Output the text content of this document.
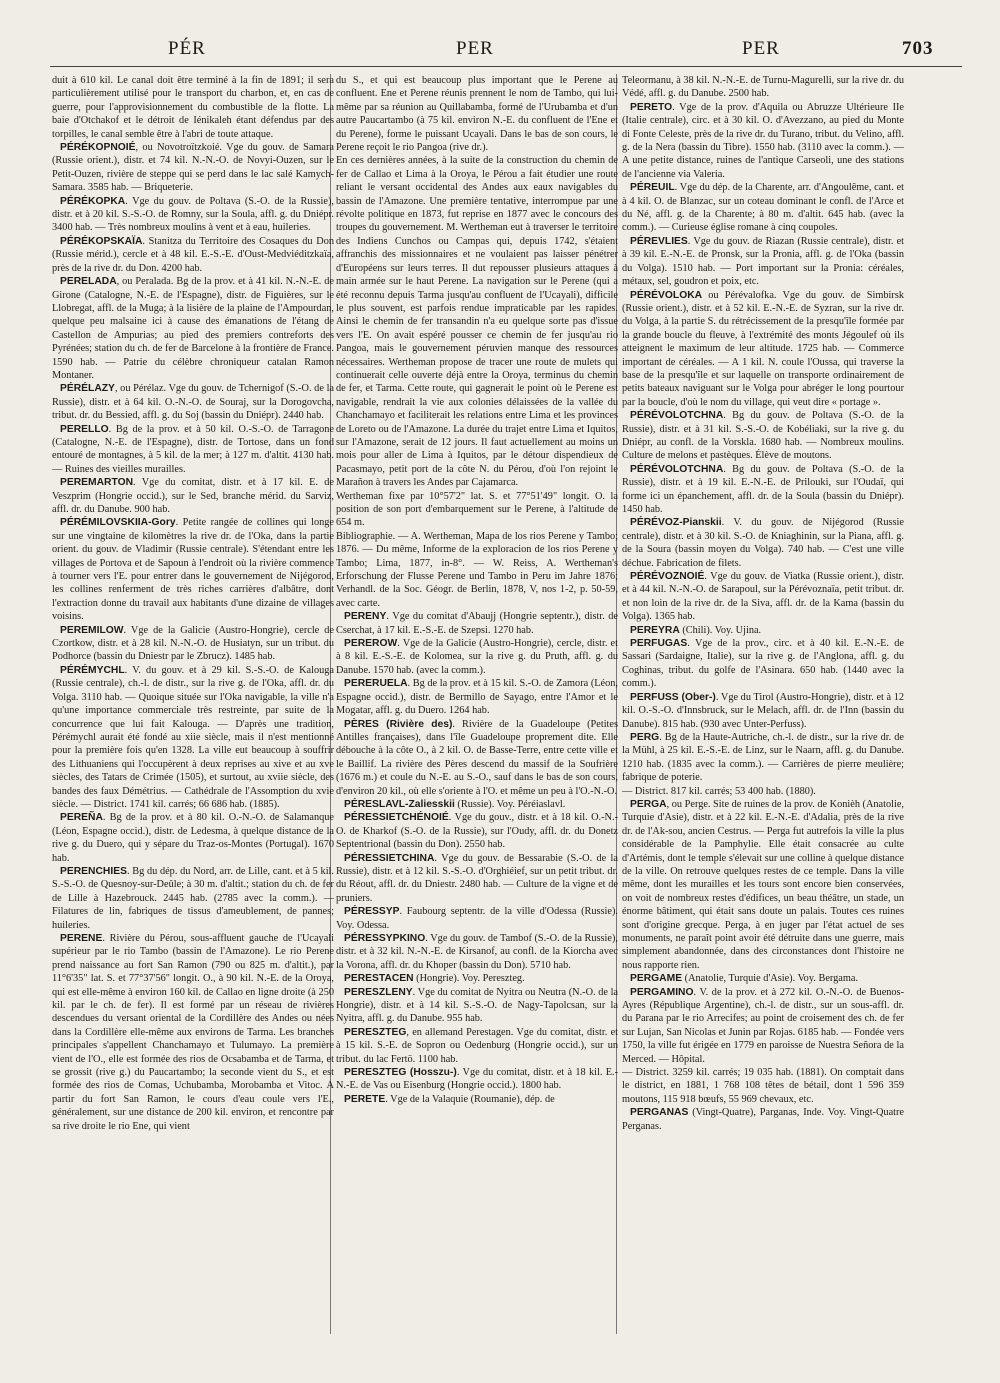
PÉR	PER	PER	703

duit à 610 kil. Le canal doit être terminé à la fin de 1891; il sera particulièrement utilisé pour le transport du charbon, et, en cas de guerre, pour l'approvisionnement du combustible de la flotte. La baie d'Otchakof et le détroit de Iénikaleh étant défendus par des torpilles, le canal semble être à l'abri de toute attaque.

PÉRÉKOPNOIÉ, ou Novotroïtzkoié. Vge du gouv. de Samara (Russie orient.), distr. et 74 kil. N.-N.-O. de Novyi-Ouzen, sur le Petit-Ouzen, rivière de steppe qui se perd dans le lac salé Kamych-Samara. 3585 hab. — Briqueterie.

PÉRÉKOPKA. Vge du gouv. de Poltava (S.-O. de la Russie), distr. et à 20 kil. S.-S.-O. de Romny, sur la Soula, affl. g. du Dniépr. 3400 hab. — Très nombreux moulins à vent et à eau, huileries.

PÉRÉKOPSKAÏA. Stanitza du Territoire des Cosaques du Don (Russie mérid.), cercle et à 48 kil. E.-S.-E. d'Oust-Medviéditzkaïa, près de la rive dr. du Don. 4200 hab.

PERELADA, ou Peralada. Bg de la prov. et à 41 kil. N.-N.-E. de Girone (Catalogne, N.-E. de l'Espagne), distr. de Figuières, sur le Llobregat, affl. de la Muga; à la lisière de la plaine de l'Ampourdan, quelque peu malsaine ici à cause des émanations de l'étang de Castellon de Ampurias; au pied des premiers contreforts des Pyrénées; station du ch. de fer de Barcelone à la frontière de France. 1590 hab. — Patrie du célèbre chroniqueur catalan Ramon Montaner.

PÉRÉLAZY, ou Pérélaz. Vge du gouv. de Tchernigof (S.-O. de la Russie), distr. et à 64 kil. O.-N.-O. de Souraj, sur la Dorogovcha, tribut. dr. du Bessied, affl. g. du Soj (bassin du Dniépr). 2440 hab.

PERELLO. Bg de la prov. et à 50 kil. O.-S.-O. de Tarragone (Catalogne, N.-E. de l'Espagne), distr. de Tortose, dans un fond entouré de montagnes, à 5 kil. de la mer; à 127 m. d'altit. 4130 hab. — Ruines des vieilles murailles.

PEREMARTON. Vge du comitat, distr. et à 17 kil. E. de Veszprim (Hongrie occid.), sur le Sed, branche mérid. du Sarviz, affl. dr. du Danube. 900 hab.

PÉRÉMILOVSKIIA-Gory. Petite rangée de collines qui longe sur une vingtaine de kilomètres la rive dr. de l'Oka, dans la partie orient. du gouv. de Vladimir (Russie centrale). S'étendant entre les villages de Portova et de Sapoun à l'endroit où la rivière commence à tourner vers l'E. pour entrer dans le gouvernement de Nijégorod, les collines renferment de très riches carrières d'albâtre, dont l'extraction donne du travail aux habitants d'une dizaine de villages voisins.

PEREMILOW. Vge de la Galicie (Austro-Hongrie), cercle de Czortkow, distr. et à 28 kil. N.-N.-O. de Husiatyn, sur un tribut. du Podhorce (bassin du Dniestr par le Zbrucz). 1485 hab.

PÉRÉMYCHL. V. du gouv. et à 29 kil. S.-S.-O. de Kalouga (Russie centrale), ch.-l. de distr., sur la rive g. de l'Oka, affl. dr. du Volga. 3110 hab. — Quoique située sur l'Oka navigable, la ville n'a qu'une importance commerciale très restreinte, par suite de la concurrence que lui fait Kalouga. — D'après une tradition, Pérémychl aurait été fondé au xiie siècle, mais il n'est mentionné pour la première fois qu'en 1328. La ville eut beaucoup à souffrir des Lithuaniens qui l'occupèrent à deux reprises au xive et au xve siècles, des Tatars de Crimée (1505), et surtout, au xviie siècle, des bandes des faux Démétrius. — Cathédrale de l'Assomption du xvie siècle. — District. 1741 kil. carrés; 66 686 hab. (1885).

PEREÑA. Bg de la prov. et à 80 kil. O.-N.-O. de Salamanque (Léon, Espagne occid.), distr. de Ledesma, à quelque distance de la rive g. du Duero, qui y sépare du Traz-os-Montes (Portugal). 1670 hab.

PERENCHIES. Bg du dép. du Nord, arr. de Lille, cant. et à 5 kil. S.-S.-O. de Quesnoy-sur-Deûle; à 30 m. d'altit.; station du ch. de fer de Lille à Hazebrouck. 2445 hab. (2785 avec la comm.). — Filatures de lin, fabriques de tissus d'ameublement, de pannes; huileries.

PERENE. Rivière du Pérou, sous-affluent gauche de l'Ucayali supérieur par le rio Tambo (bassin de l'Amazone). Le rio Perene prend naissance au fort San Ramon (790 ou 825 m. d'altit.), par 11°6'35" lat. S. et 77°37'56" longit. O., à 90 kil. N.-E. de la Oroya, qui est elle-même à environ 160 kil. de Callao en ligne droite (à 250 kil. par le ch. de fer). Il est formé par un réseau de rivières descendues du versant oriental de la Cordillère des Andes ou nées dans la Cordillère elle-même aux environs de Tarma. Les branches principales s'appellent Chanchamayo et Tulumayo. La première vient de l'O., elle est formée des rios de Ocsabamba et de Tarma, et se grossit (rive g.) du Paucartambo; la seconde vient du S., et est formée des rios de Comas, Uchubamba, Morobamba et Vitoc. A partir du fort San Ramon, le cours d'eau coule vers l'E., généralement, sur une distance de 200 kil. environ, et rencontre par sa rive droite le rio Ene, qui vient

du S., et qui est beaucoup plus important que le Perene au confluent. Ene et Perene réunis prennent le nom de Tambo, qui lui-même par sa réunion au Quillabamba, formé de l'Urubamba et d'un autre Paucartambo (à 75 kil. environ N.-E. du confluent de l'Ene et du Perene), forme le puissant Ucayali. Dans le bas de son cours, le Perene reçoit le rio Pangoa (rive dr.).

En ces dernières années, à la suite de la construction du chemin de fer de Callao et Lima à la Oroya, le Pérou a fait étudier une route reliant le versant occidental des Andes aux eaux navigables du bassin de l'Amazone. Une première tentative, interrompue par une révolte politique en 1873, fut reprise en 1877 avec le concours des troupes du gouvernement. M. Wertheman eut à traverser le territoire des Indiens Cunchos ou Campas qui, depuis 1742, s'étaient affranchis des missionnaires et ne voulaient pas laisser pénétrer d'Européens sur leurs terres. Il dut repousser plusieurs attaques à main armée sur le haut Perene. La navigation sur le Perene (qui a été reconnu depuis Tarma jusqu'au confluent de l'Ucayali), difficile le plus souvent, est parfois rendue impraticable par les rapides. Ainsi le chemin de fer transandin n'a eu quelque sorte pas d'issue vers l'E. On avait espéré pousser ce chemin de fer jusqu'au rio Pangoa, mais le gouvernement péruvien manque des ressources nécessaires. Wertheman propose de tracer une route de mulets qui continuerait celle ouverte déjà entre la Oroya, terminus du chemin de fer, et Tarma. Cette route, qui gagnerait le point où le Perene est navigable, rendrait la vie aux colonies délaissées de la vallée du Chanchamayo et faciliterait les relations entre Lima et les provinces de Loreto ou de l'Amazone. La durée du trajet entre Lima et Iquitos, sur l'Amazone, serait de 12 jours. Il faut actuellement au moins un mois pour aller de Lima à Iquitos, par le détour dispendieux de Pacasmayo, petit port de la côte N. du Pérou, d'où l'on rejoint le Marañon à travers les Andes par Cajamarca.

Wertheman fixe par 10°57'2" lat. S. et 77°51'49" longit. O. la position de son port d'embarquement sur le Perene, à l'altitude de 654 m.

Bibliographie. — A. Wertheman, Mapa de los rios Perene y Tambo; 1876. — Du même, Informe de la exploracion de los rios Perene y Tambo; Lima, 1877, in-8°. — W. Reiss, A. Wertheman's Erforschung der Flusse Perene und Tambo in Peru im Jahre 1876; Verhandl. de la Soc. Géogr. de Berlin, 1878, V, nos 1-2, p. 50-59, avec carte.

PERENY. Vge du comitat d'Abaujj (Hongrie septentr.), distr. de Cserchat, à 17 kil. E.-S.-E. de Szepsi. 1270 hab.

PEREROW. Vge de la Galicie (Austro-Hongrie), cercle, distr. et à 8 kil. E.-S.-E. de Kolomea, sur la rive g. du Pruth, affl. g. du Danube. 1570 hab. (avec la comm.).

PERERUELA. Bg de la prov. et à 15 kil. S.-O. de Zamora (Léon, Espagne occid.), distr. de Bermillo de Sayago, entre l'Amor et le Mogatar, affl. g. du Duero. 1264 hab.

PÈRES (Rivière des). Rivière de la Guadeloupe (Petites Antilles françaises), dans l'île Guadeloupe proprement dite. Elle débouche à la côte O., à 2 kil. O. de Basse-Terre, entre cette ville et le Baillif. La rivière des Pères descend du massif de la Soufrière (1676 m.) et coule du N.-E. au S.-O., sauf dans le bas de son cours, d'environ 20 kil., où elle s'oriente à l'O. et même un peu à l'O.-N.-O.

PÉRESLAVL-Zaliesskii (Russie). Voy. Péréiaslavl.

PÉRESSIETCHÉNOIÉ. Vge du gouv., distr. et à 18 kil. O.-N.-O. de Kharkof (S.-O. de la Russie), sur l'Oudy, affl. dr. du Donetz Septentrional (bassin du Don). 2550 hab.

PÉRESSIETCHINA. Vge du gouv. de Bessarabie (S.-O. de la Russie), distr. et à 12 kil. S.-S.-O. d'Orghiéief, sur un petit tribut. dr. du Réout, affl. dr. du Dniestr. 2480 hab. — Culture de la vigne et de pruniers.

PÉRESSYP. Faubourg septentr. de la ville d'Odessa (Russie). Voy. Odessa.

PÉRESSYPKINO. Vge du gouv. de Tambof (S.-O. de la Russie), distr. et à 32 kil. N.-N.-E. de Kirsanof, au confl. de la Kiorcha avec la Vorona, affl. dr. du Khoper (bassin du Don). 5710 hab.

PERESTACEN (Hongrie). Voy. Pereszteg.

PERESZLENY. Vge du comitat de Nyitra ou Neutra (N.-O. de la Hongrie), distr. et à 14 kil. S.-S.-O. de Nagy-Tapolcsan, sur la Nyitra, affl. g. du Danube. 955 hab.

PERESZTEG, en allemand Perestagen. Vge du comitat, distr. et à 15 kil. S.-E. de Sopron ou Oedenburg (Hongrie occid.), sur un tribut. du lac Fertö. 1100 hab.

PERESZTEG (Hosszu-). Vge du comitat, distr. et à 18 kil. E.-N.-E. de Vas ou Eisenburg (Hongrie occid.). 1800 hab.

PERETE. Vge de la Valaquie (Roumanie), dép. de

Teleormanu, à 38 kil. N.-N.-E. de Turnu-Magurelli, sur la rive dr. du Védé, affl. g. du Danube. 2500 hab.

PERETO. Vge de la prov. d'Aquila ou Abruzze Ultérieure IIe (Italie centrale), circ. et à 30 kil. O. d'Avezzano, au pied du Monte di Fonte Celeste, près de la rive dr. du Turano, tribut. du Velino, affl. g. de la Nera (bassin du Tibre). 1550 hab. (3110 avec la comm.). — A une petite distance, ruines de l'antique Carseoli, une des stations de l'ancienne via Valeria.

PÉREUIL. Vge du dép. de la Charente, arr. d'Angoulême, cant. et à 4 kil. O. de Blanzac, sur un coteau dominant le confl. de l'Arce et du Né, affl. g. de la Charente; à 80 m. d'altit. 645 hab. (avec la comm.). — Curieuse église romane à cinq coupoles.

PÉREVLIES. Vge du gouv. de Riazan (Russie centrale), distr. et à 39 kil. E.-N.-E. de Pronsk, sur la Pronia, affl. g. de l'Oka (bassin du Volga). 1510 hab. — Port important sur la Pronia: céréales, métaux, sel, goudron et poix, etc.

PÉRÉVOLOKA ou Pérévalofka. Vge du gouv. de Simbirsk (Russie orient.), distr. et à 52 kil. E.-N.-E. de Syzran, sur la rive dr. du Volga, à la partie S. du rétrécissement de la presqu'île formée par la grande boucle du fleuve, à l'extrémité des monts Jégoulef où ils atteignent le maximum de leur altitude. 1725 hab. — Commerce important de céréales. — A 1 kil. N. coule l'Oussa, qui traverse la base de la presqu'île et sur laquelle on transporte ordinairement de petits bateaux naviguant sur le Volga pour abréger le long pourtour par la boucle, d'où le nom du village, qui veut dire « portage ».

PÉRÉVOLOTCHNA. Bg du gouv. de Poltava (S.-O. de la Russie), distr. et à 31 kil. S.-S.-O. de Kobéliaki, sur la rive g. du Dniépr, au confl. de la Vorskla. 1680 hab. — Nombreux moulins. Culture de melons et pastèques. Élève de moutons.

PÉRÉVOLOTCHNA. Bg du gouv. de Poltava (S.-O. de la Russie), distr. et à 19 kil. E.-N.-E. de Prilouki, sur l'Oudaï, qui forme ici un épanchement, affl. dr. de la Soula (bassin du Dniépr). 1450 hab.

PÉRÉVOZ-Pianskii. V. du gouv. de Nijégorod (Russie centrale), distr. et à 30 kil. S.-O. de Kniaghinin, sur la Piana, affl. g. de la Soura (bassin moyen du Volga). 740 hab. — C'est une ville déchue. Fabrication de filets.

PÉRÉVOZNOIÉ. Vge du gouv. de Viatka (Russie orient.), distr. et à 44 kil. N.-N.-O. de Sarapoul, sur la Pérévoznaïa, petit tribut. dr. et non loin de la rive dr. de la Siva, affl. dr. de la Kama (bassin du Volga). 1365 hab.

PEREYRA (Chili). Voy. Ujina.

PERFUGAS. Vge de la prov., circ. et à 40 kil. E.-N.-E. de Sassari (Sardaigne, Italie), sur la rive g. de l'Anglona, affl. g. du Coghinas, tribut. du golfe de l'Asinara. 650 hab. (1440 avec la comm.).

PERFUSS (Ober-). Vge du Tirol (Austro-Hongrie), distr. et à 12 kil. O.-S.-O. d'Innsbruck, sur le Melach, affl. dr. de l'Inn (bassin du Danube). 815 hab. (930 avec Unter-Perfuss).

PERG. Bg de la Haute-Autriche, ch.-l. de distr., sur la rive dr. de la Mühl, à 25 kil. E.-S.-E. de Linz, sur le Naarn, affl. g. du Danube. 1210 hab. (1835 avec la comm.). — Carrières de pierre meulière; fabrique de poterie.

— District. 817 kil. carrés; 53 400 hab. (1880).

PERGA, ou Perge. Site de ruines de la prov. de Konièh (Anatolie, Turquie d'Asie), distr. et à 22 kil. E.-N.-E. d'Adalia, près de la rive dr. de l'Ak-sou, ancien Cestrus. — Perga fut autrefois la ville la plus considérable de la Pamphylie. Elle était consacrée au culte d'Artémis, dont le temple s'élevait sur une colline à quelque distance de la ville. On retrouve quelques restes de ce temple. Dans la ville même, dont les murailles et les tours sont encore bien conservées, on voit de nombreux restes d'édifices, un beau théâtre, un stade, un énorme bâtiment, qui était sans doute un palais. Toutes ces ruines sont d'origine grecque. Perga, à en juger par l'état actuel de ses monuments, ne paraît point avoir été détruite dans une guerre, mais simplement abandonnée, dans des circonstances dont l'histoire ne nous rapporte rien.

PERGAME (Anatolie, Turquie d'Asie). Voy. Bergama.

PERGAMINO. V. de la prov. et à 272 kil. O.-N.-O. de Buenos-Ayres (République Argentine), ch.-l. de distr., sur un sous-affl. dr. du Parana par le rio Arrecifes; au point de croisement des ch. de fer sur Lujan, San Nicolas et Junin par Rojas. 6185 hab. — Fondée vers 1750, la ville fut érigée en 1779 en paroisse de Nuestra Señora de la Merced. — Hôpital.

— District. 3259 kil. carrés; 19 035 hab. (1881). On comptait dans le district, en 1881, 1 768 108 têtes de bétail, dont 1 596 359 moutons, 115 918 bœufs, 55 969 chevaux, etc.

PERGANAS (Vingt-Quatre), Parganas, Inde. Voy. Vingt-Quatre Perganas.
